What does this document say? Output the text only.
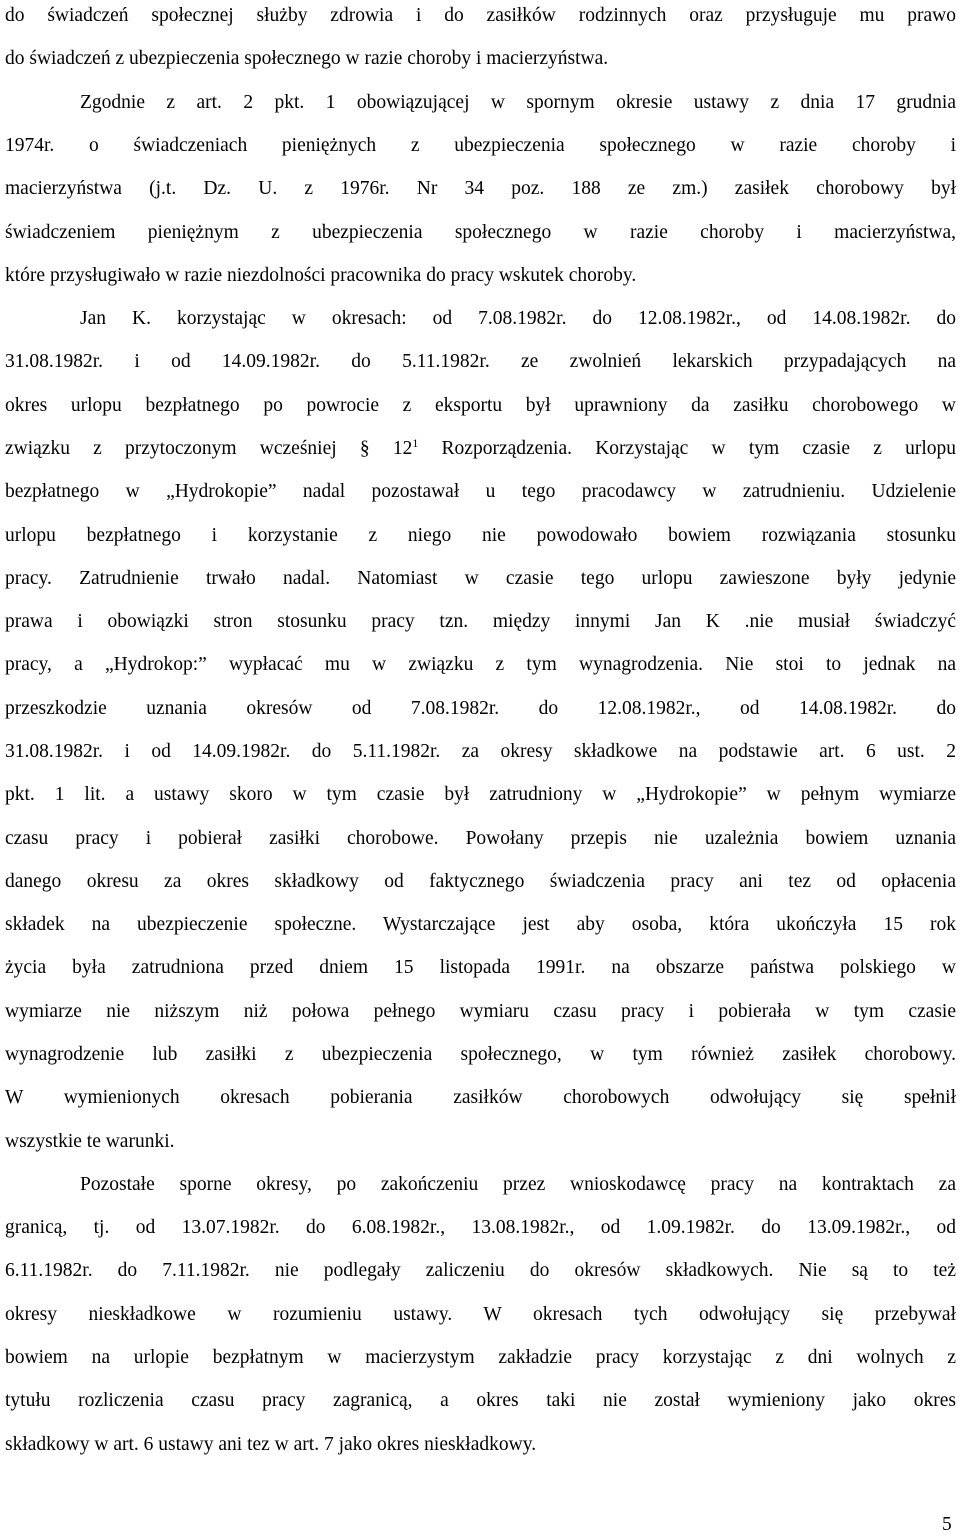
do świadczeń społecznej służby zdrowia i do zasiłków rodzinnych oraz przysługuje mu prawo
do świadczeń z ubezpieczenia społecznego w razie choroby i macierzyństwa.
Zgodnie z art. 2 pkt. 1 obowiązującej w spornym okresie ustawy z dnia 17 grudnia
1974r. o świadczeniach pieniężnych z ubezpieczenia społecznego w razie choroby i
macierzyństwa (j.t. Dz. U. z 1976r. Nr 34 poz. 188 ze zm.) zasiłek chorobowy był
świadczeniem pieniężnym z ubezpieczenia społecznego w razie choroby i macierzyństwa,
które przysługiwało w razie niezdolności pracownika do pracy wskutek choroby.
Jan K. korzystając w okresach: od 7.08.1982r. do 12.08.1982r., od 14.08.1982r. do
31.08.1982r. i od 14.09.1982r. do 5.11.1982r. ze zwolnień lekarskich przypadających na
okres urlopu bezpłatnego po powrocie z eksportu był uprawniony da zasiłku chorobowego w
związku z przytoczonym wcześniej § $12^1$ Rozporządzenia. Korzystając w tym czasie z urlopu
bezpłatnego w „Hydrokopie” nadal pozostawał u tego pracodawcy w zatrudnieniu. Udzielenie
urlopu bezpłatnego i korzystanie z niego nie powodowało bowiem rozwiązania stosunku
pracy. Zatrudnienie trwało nadal. Natomiast w czasie tego urlopu zawieszone były jedynie
prawa i obowiązki stron stosunku pracy tzn. między innymi Jan K .nie musiał świadczyć
pracy, a „Hydrokop:” wypłacać mu w związku z tym wynagrodzenia. Nie stoi to jednak na
przeszkodzie uznania okresów od 7.08.1982r. do 12.08.1982r., od 14.08.1982r. do
31.08.1982r. i od 14.09.1982r. do 5.11.1982r. za okresy składkowe na podstawie art. 6 ust. 2
pkt. 1 lit. a ustawy skoro w tym czasie był zatrudniony w „Hydrokopie” w pełnym wymiarze
czasu pracy i pobierał zasiłki chorobowe. Powołany przepis nie uzależnia bowiem uznania
danego okresu za okres składkowy od faktycznego świadczenia pracy ani tez od opłacenia
składek na ubezpieczenie społeczne. Wystarczające jest aby osoba, która ukończyła 15 rok
życia była zatrudniona przed dniem 15 listopada 1991r. na obszarze państwa polskiego w
wymiarze nie niższym niż połowa pełnego wymiaru czasu pracy i pobierała w tym czasie
wynagrodzenie lub zasiłki z ubezpieczenia społecznego, w tym również zasiłek chorobowy.
W wymienionych okresach pobierania zasiłków chorobowych odwołujący się spełnił
wszystkie te warunki.
Pozostałe sporne okresy, po zakończeniu przez wnioskodawcę pracy na kontraktach za
granicą, tj. od 13.07.1982r. do 6.08.1982r., 13.08.1982r., od 1.09.1982r. do 13.09.1982r., od
6.11.1982r. do 7.11.1982r. nie podlegały zaliczeniu do okresów składkowych. Nie są to też
okresy nieskładkowe w rozumieniu ustawy. W okresach tych odwołujący się przebywał
bowiem na urlopie bezpłatnym w macierzystym zakładzie pracy korzystając z dni wolnych z
tytułu rozliczenia czasu pracy zagranicą, a okres taki nie został wymieniony jako okres
składkowy w art. 6 ustawy ani tez w art. 7 jako okres nieskładkowy.
5
